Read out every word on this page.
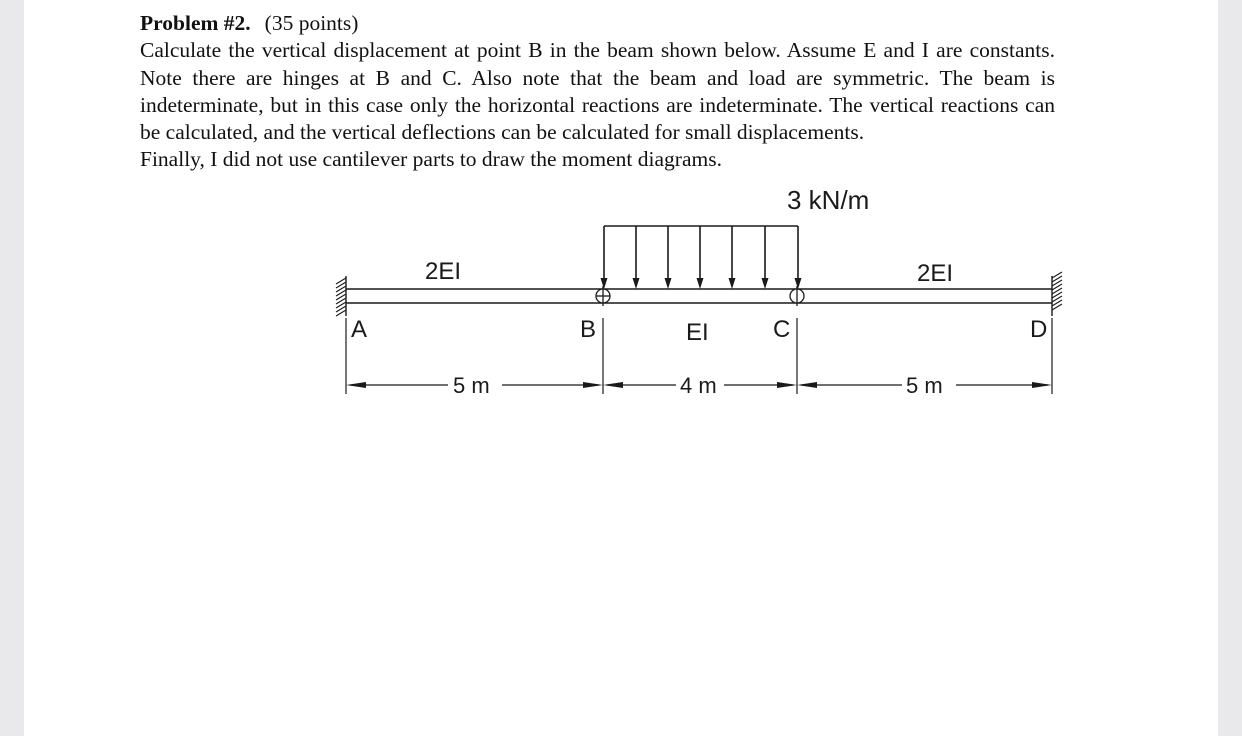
Problem #2. (35 points)
Calculate the vertical displacement at point B in the beam shown below. Assume E and I are constants. Note there are hinges at B and C. Also note that the beam and load are symmetric. The beam is indeterminate, but in this case only the horizontal reactions are indeterminate. The vertical reactions can be calculated, and the vertical deflections can be calculated for small displacements.
Finally, I did not use cantilever parts to draw the moment diagrams.
3 kN/m
2EI	2EI
EI
A	B	C	D
5 m	4 m	5 m
